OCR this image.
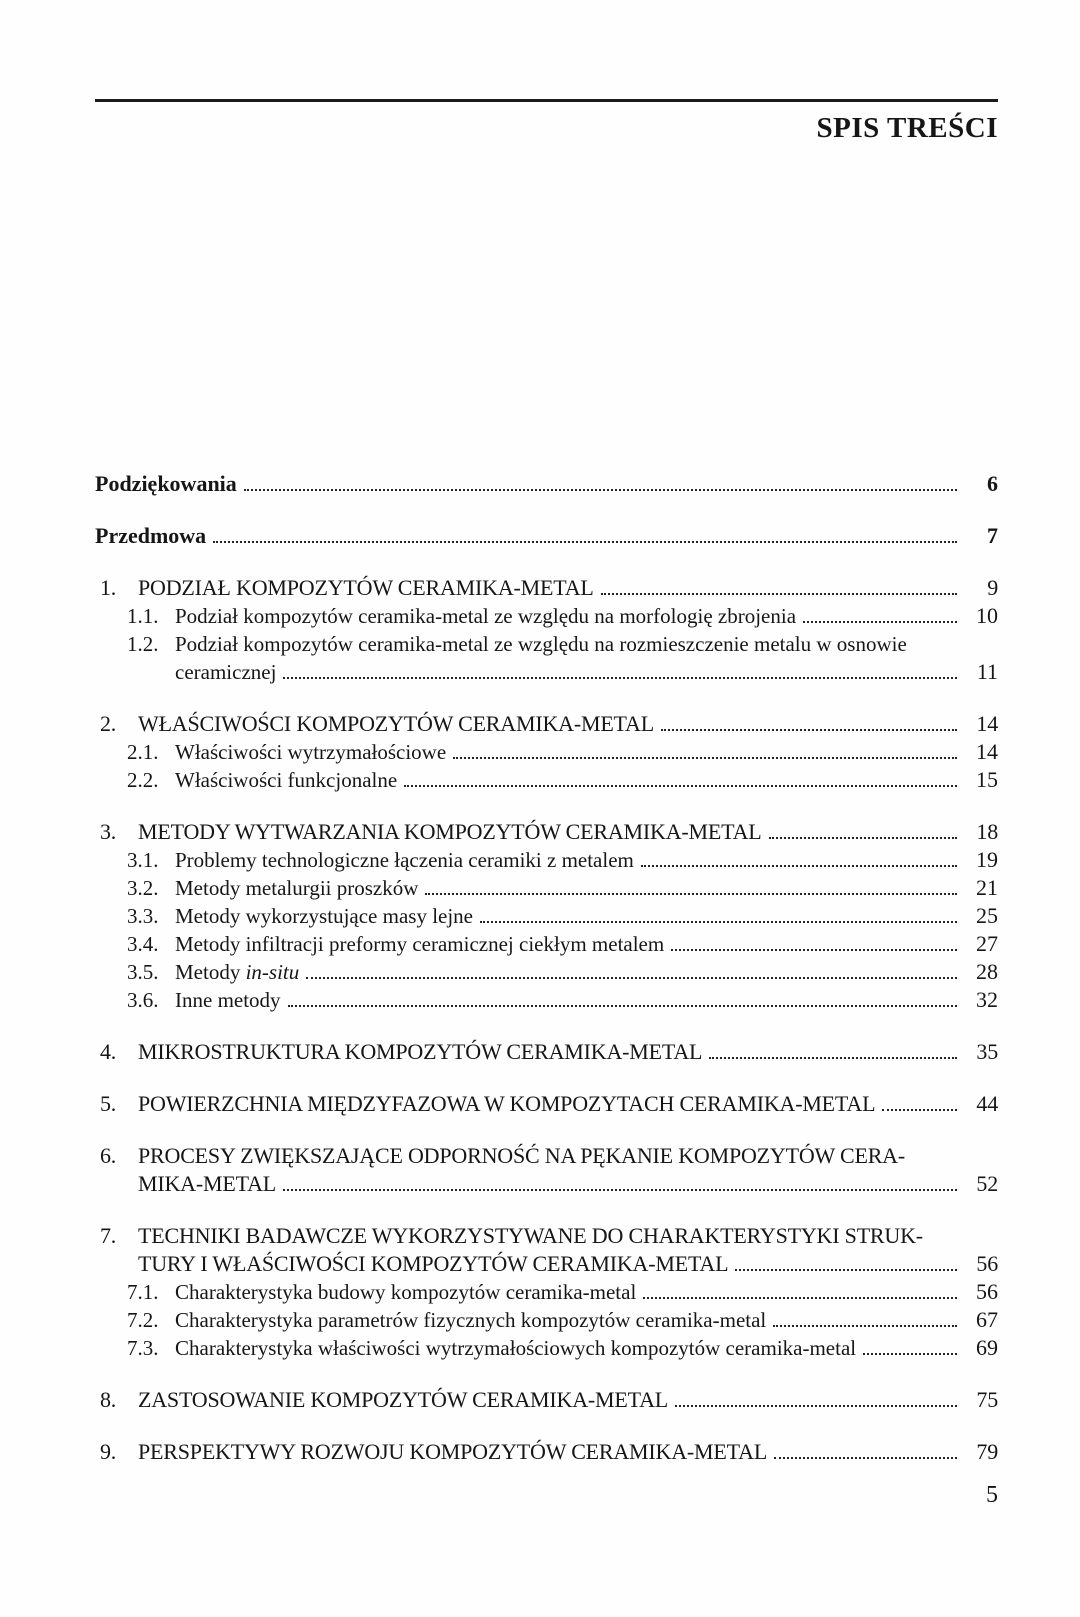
SPIS TREŚCI
Podziękowania	6
Przedmowa	7
1. PODZIAŁ KOMPOZYTÓW CERAMIKA-METAL	9
1.1. Podział kompozytów ceramika-metal ze względu na morfologię zbrojenia	10
1.2. Podział kompozytów ceramika-metal ze względu na rozmieszczenie metalu w osnowie
ceramicznej	11
2. WŁAŚCIWOŚCI KOMPOZYTÓW CERAMIKA-METAL	14
2.1. Właściwości wytrzymałościowe	14
2.2. Właściwości funkcjonalne	15
3. METODY WYTWARZANIA KOMPOZYTÓW CERAMIKA-METAL	18
3.1. Problemy technologiczne łączenia ceramiki z metalem	19
3.2. Metody metalurgii proszków	21
3.3. Metody wykorzystujące masy lejne	25
3.4. Metody infiltracji preformy ceramicznej ciekłym metalem	27
3.5. Metody in-situ	28
3.6. Inne metody	32
4. MIKROSTRUKTURA KOMPOZYTÓW CERAMIKA-METAL	35
5. POWIERZCHNIA MIĘDZYFAZOWA W KOMPOZYTACH CERAMIKA-METAL	44
6. PROCESY ZWIĘKSZAJĄCE ODPORNOŚĆ NA PĘKANIE KOMPOZYTÓW CERA-
MIKA-METAL	52
7. TECHNIKI BADAWCZE WYKORZYSTYWANE DO CHARAKTERYSTYKI STRUK-
TURY I WŁAŚCIWOŚCI KOMPOZYTÓW CERAMIKA-METAL	56
7.1. Charakterystyka budowy kompozytów ceramika-metal	56
7.2. Charakterystyka parametrów fizycznych kompozytów ceramika-metal	67
7.3. Charakterystyka właściwości wytrzymałościowych kompozytów ceramika-metal	69
8. ZASTOSOWANIE KOMPOZYTÓW CERAMIKA-METAL	75
9. PERSPEKTYWY ROZWOJU KOMPOZYTÓW CERAMIKA-METAL	79
5
